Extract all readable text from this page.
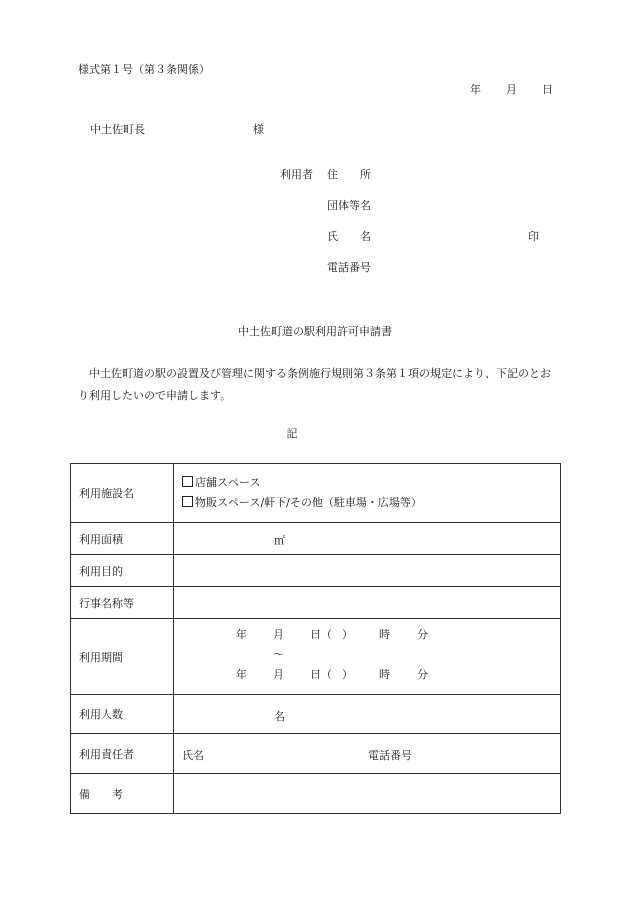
様式第１号（第３条関係）
年	月	日
中土佐町長	様
利用者 住　　所
団体等名
氏　　名	印
電話番号
中土佐町道の駅利用許可申請書
中土佐町道の駅の設置及び管理に関する条例施行規則第３条第１項の規定により、下記のとおり利用したいので申請します。
記
利用施設名	店舗スペース
物販スペース/軒下/その他（駐車場・広場等）

利用面積	㎡

利用目的	
行事名称等	
利用期間	年 月 日（ ） 時 分
〜
年 月 日（ ） 時 分

利用人数	名

利用責任者	氏名 電話番号

備考	
